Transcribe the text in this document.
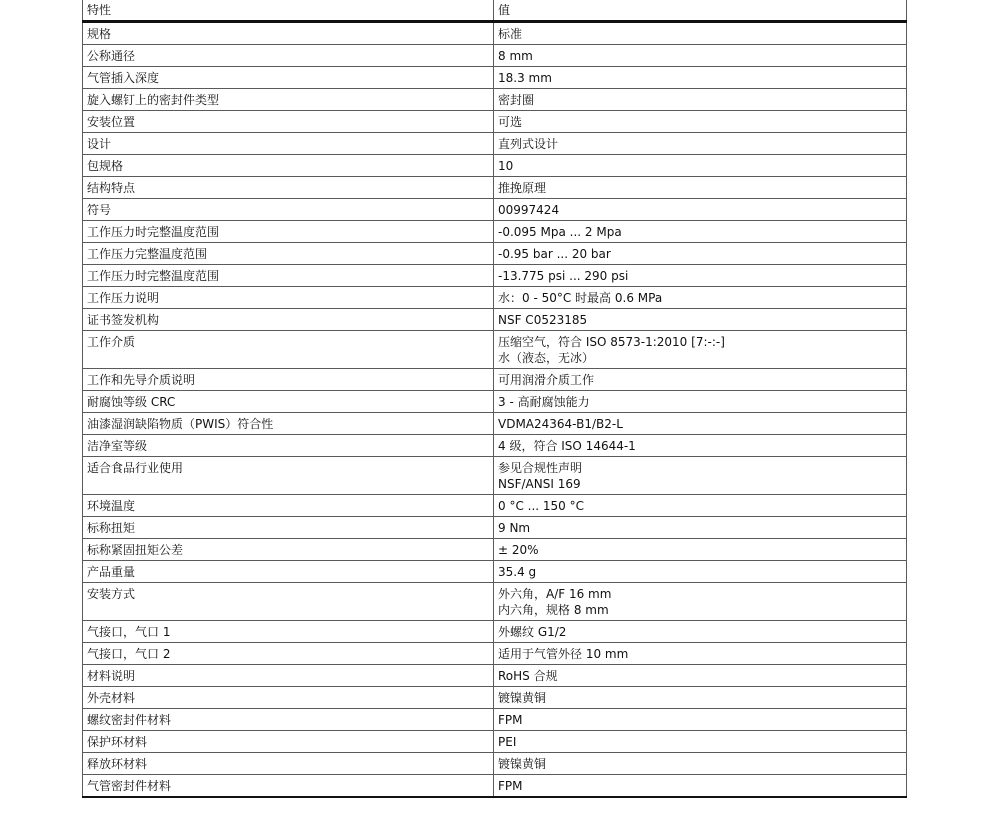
特性	值
规格	标准

公称通径	8 mm

气管插入深度	18.3 mm

旋入螺钉上的密封件类型	密封圈

安装位置	可选

设计	直列式设计

包规格	10

结构特点	推挽原理

符号	00997424

工作压力时完整温度范围	-0.095 Mpa ... 2 Mpa

工作压力完整温度范围	-0.95 bar ... 20 bar

工作压力时完整温度范围	-13.775 psi ... 290 psi

工作压力说明	水：0 - 50°C 时最高 0.6 MPa

证书签发机构	NSF C0523185

工作介质	压缩空气，符合 ISO 8573-1:2010 [7:-:-]
水（液态，无冰）

工作和先导介质说明	可用润滑介质工作

耐腐蚀等级 CRC	3 - 高耐腐蚀能力

油漆湿润缺陷物质（PWIS）符合性	VDMA24364-B1/B2-L

洁净室等级	4 级，符合 ISO 14644-1

适合食品行业使用	参见合规性声明
NSF/ANSI 169

环境温度	0 °C ... 150 °C

标称扭矩	9 Nm

标称紧固扭矩公差	± 20%

产品重量	35.4 g

安装方式	外六角，A/F 16 mm
内六角，规格 8 mm

气接口，气口 1	外螺纹 G1/2

气接口，气口 2	适用于气管外径 10 mm

材料说明	RoHS 合规

外壳材料	镀镍黄铜

螺纹密封件材料	FPM

保护环材料	PEI

释放环材料	镀镍黄铜

气管密封件材料	FPM
